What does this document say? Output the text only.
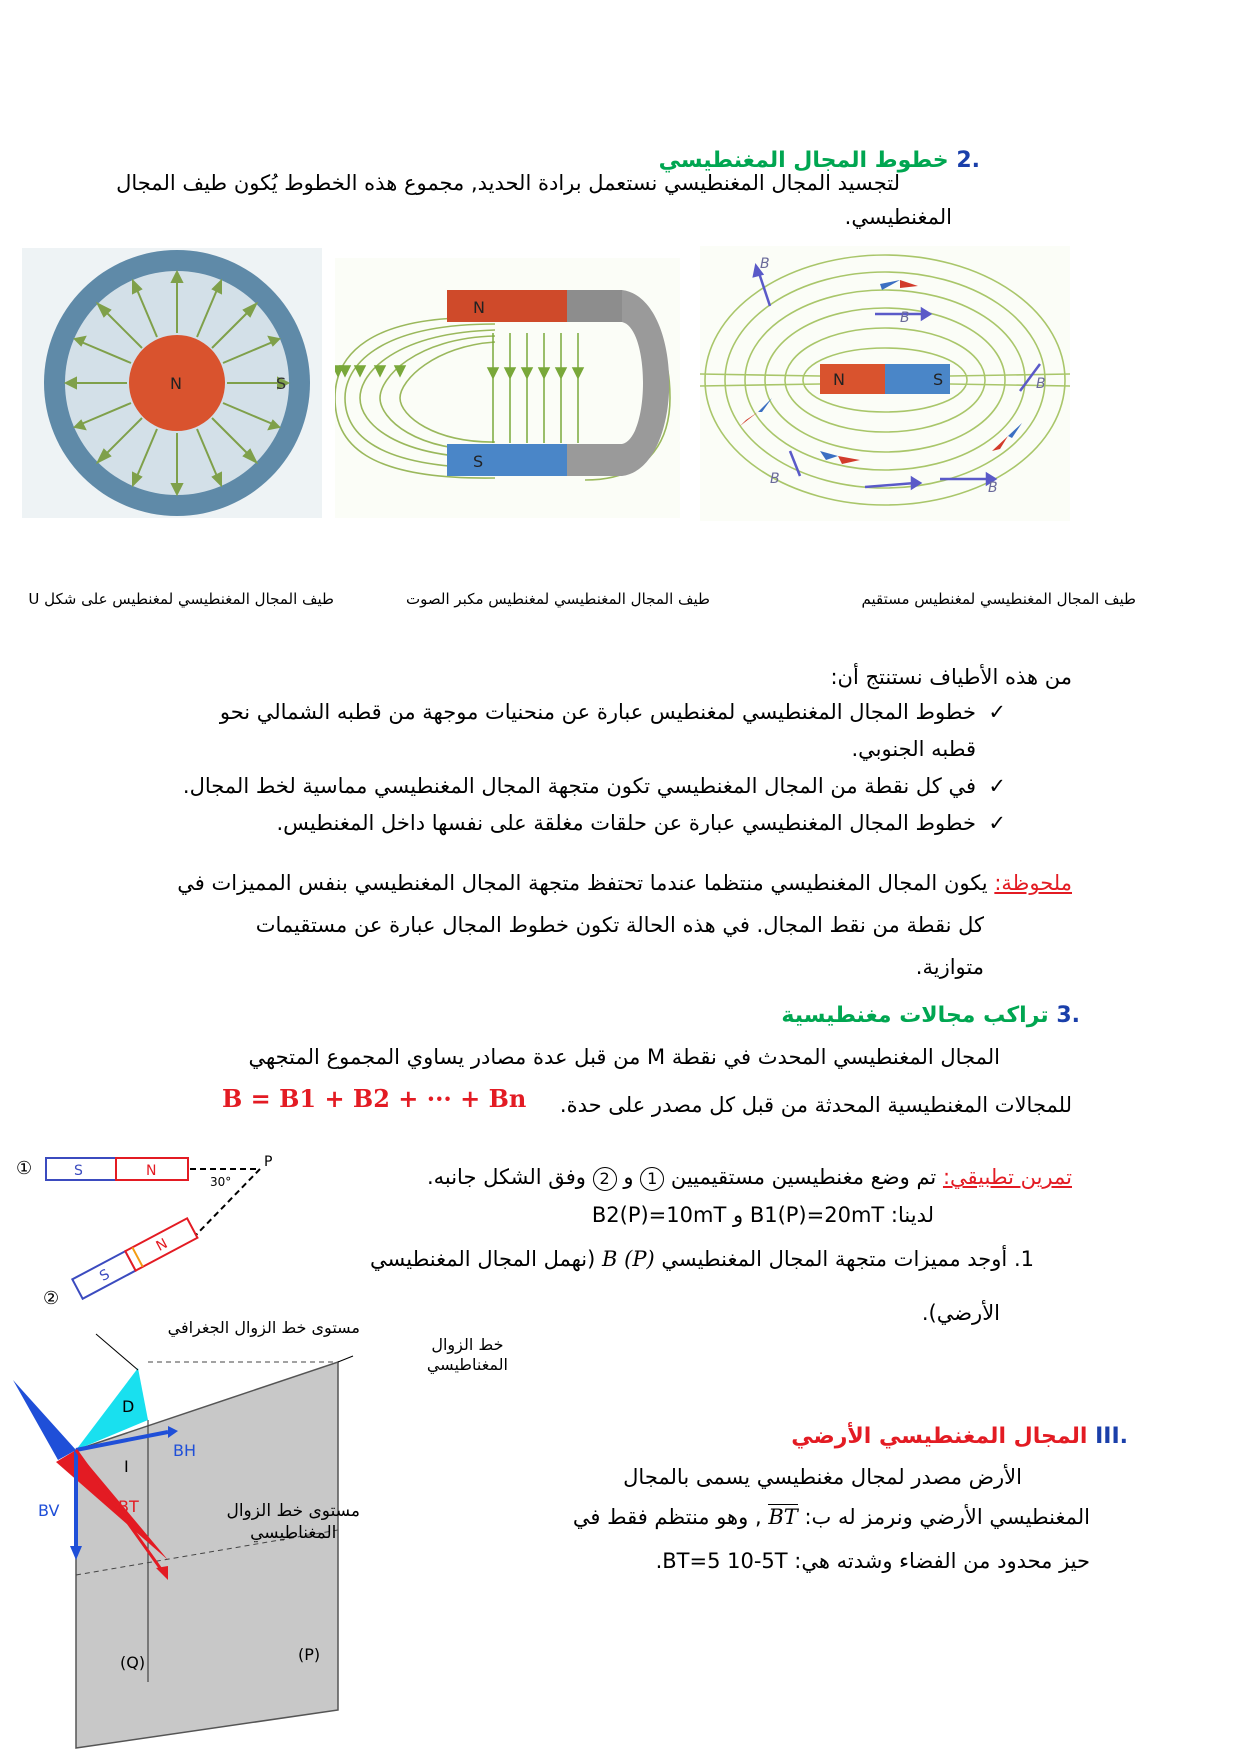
.2 خطوط المجال المغنطيسي
لتجسيد المجال المغنطيسي نستعمل برادة الحديد, مجموع هذه الخطوط يُكون طيف المجال
المغنطيسي.
N	S
N
S
N	S
B
B
B
B
B
طيف المجال المغنطيسي لمغنطيس على شكل U	طيف المجال المغنطيسي لمغنطيس مكبر الصوت	طيف المجال المغنطيسي لمغنطيس مستقيم
من هذه الأطياف نستنتج أن:
✓
خطوط المجال المغنطيسي لمغنطيس عبارة عن منحنيات موجهة من قطبه الشمالي نحو
قطبه الجنوبي.
✓
في كل نقطة من المجال المغنطيسي تكون متجهة المجال المغنطيسي مماسية لخط المجال.
✓
خطوط المجال المغنطيسي عبارة عن حلقات مغلقة على نفسها داخل المغنطيس.
ملحوظة: يكون المجال المغنطيسي منتظما عندما تحتفظ متجهة المجال المغنطيسي بنفس المميزات في
كل نقطة من نقط المجال. في هذه الحالة تكون خطوط المجال عبارة عن مستقيمات
متوازية.
.3 تراكب مجالات مغنطيسية
المجال المغنطيسي المحدث في نقطة M من قبل عدة مصادر يساوي المجموع المتجهي
للمجالات المغنطيسية المحدثة من قبل كل مصدر على حدة.
B = B1 + B2 + ··· + Bn
①	S	N
P
30°
S
N
②
تمرين تطبيقي: تم وضع مغنطيسين مستقيميين 1 و 2 وفق الشكل جانبه.
لدينا: B1(P)=20mT و B2(P)=10mT
1. أوجد مميزات متجهة المجال المغنطيسي B (P) (نهمل المجال المغنطيسي
الأرضي).
D
I
BH
BT
BV
(Q)	(P)
مستوى خط الزوال الجغرافي
خط الزوال
المغناطيسي
مستوى خط الزوال
المغناطيسي
.III المجال المغنطيسي الأرضي
الأرض مصدر لمجال مغنطيسي يسمى بالمجال
المغنطيسي الأرضي ونرمز له ب: BT , وهو منتظم فقط في
حيز محدود من الفضاء وشدته هي: BT=5 10-5T.
